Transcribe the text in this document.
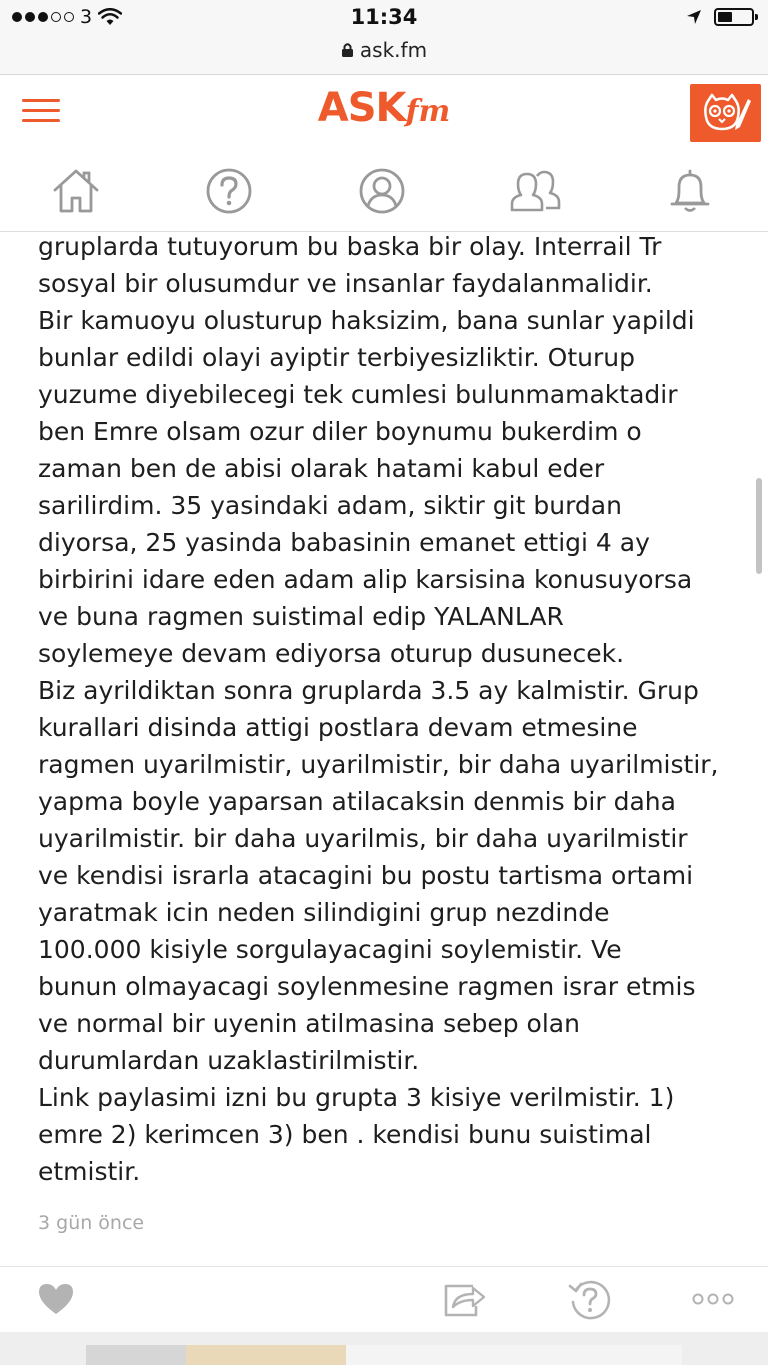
3	11:34
ask.fm
ASKfm

gruplarda tutuyorum bu baska bir olay. Interrail Tr
sosyal bir olusumdur ve insanlar faydalanmalidir.
Bir kamuoyu olusturup haksizim, bana sunlar yapildi
bunlar edildi olayi ayiptir terbiyesizliktir. Oturup
yuzume diyebilecegi tek cumlesi bulunmamaktadir
ben Emre olsam ozur diler boynumu bukerdim o
zaman ben de abisi olarak hatami kabul eder
sarilirdim. 35 yasindaki adam, siktir git burdan
diyorsa, 25 yasinda babasinin emanet ettigi 4 ay
birbirini idare eden adam alip karsisina konusuyorsa
ve buna ragmen suistimal edip YALANLAR
soylemeye devam ediyorsa oturup dusunecek.
Biz ayrildiktan sonra gruplarda 3.5 ay kalmistir. Grup
kurallari disinda attigi postlara devam etmesine
ragmen uyarilmistir, uyarilmistir, bir daha uyarilmistir,
yapma boyle yaparsan atilacaksin denmis bir daha
uyarilmistir. bir daha uyarilmis, bir daha uyarilmistir
ve kendisi israrla atacagini bu postu tartisma ortami
yaratmak icin neden silindigini grup nezdinde
100.000 kisiyle sorgulayacagini soylemistir. Ve
bunun olmayacagi soylenmesine ragmen israr etmis
ve normal bir uyenin atilmasina sebep olan
durumlardan uzaklastirilmistir.
Link paylasimi izni bu grupta 3 kisiye verilmistir. 1)
emre 2) kerimcen 3) ben . kendisi bunu suistimal
etmistir.

3 gün önce
